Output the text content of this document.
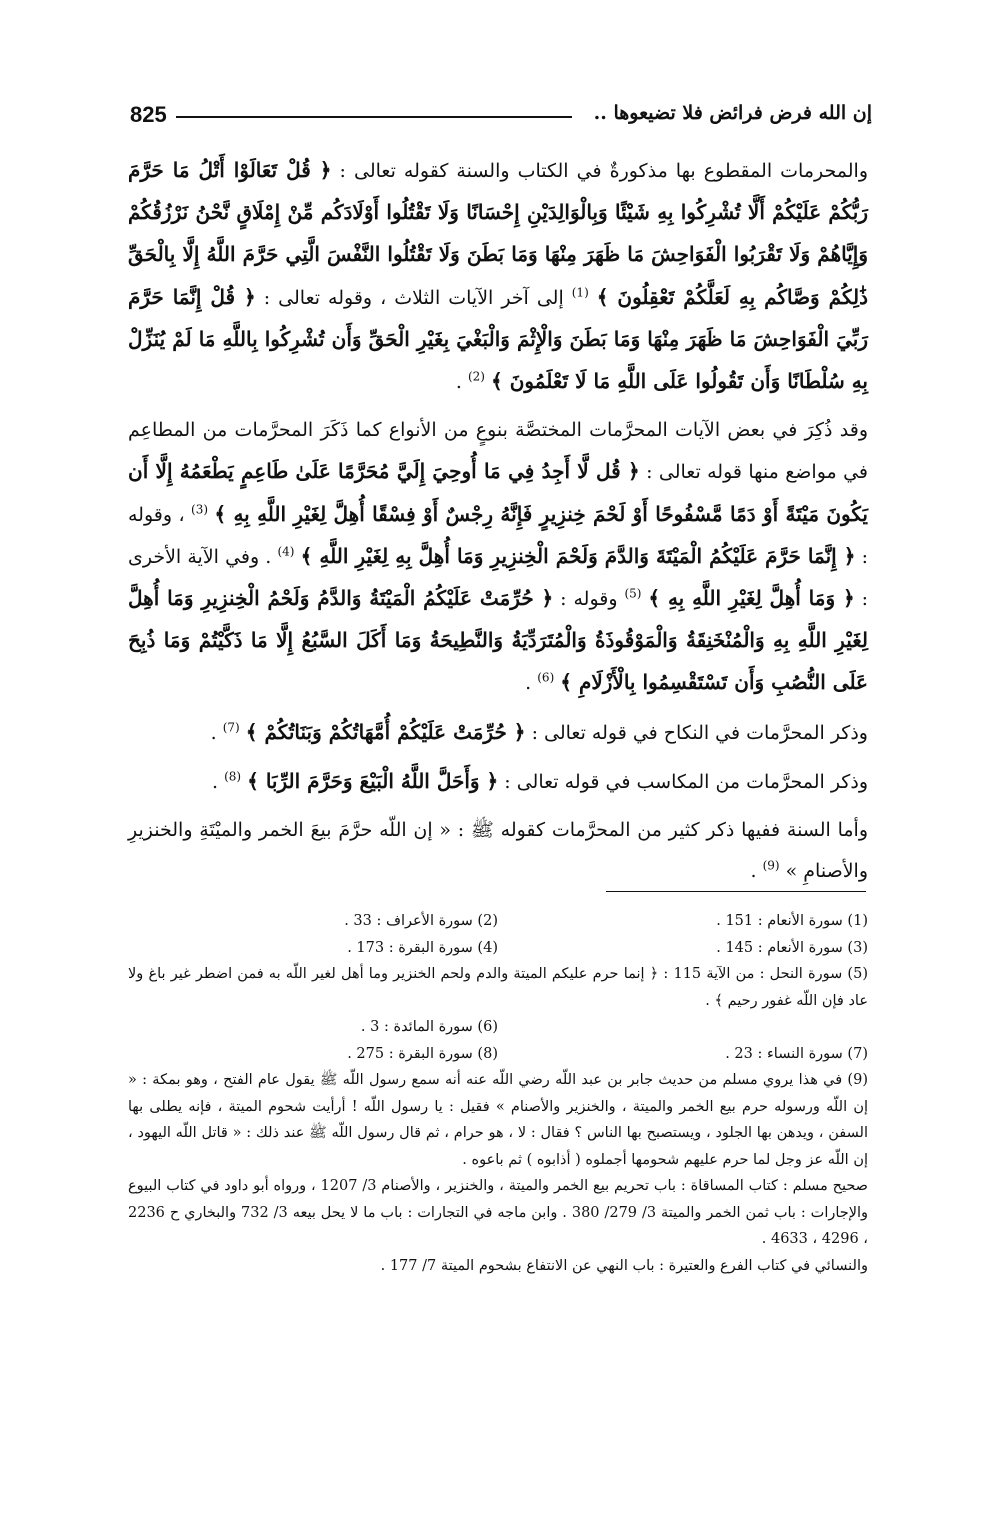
825	إن الله فرض فرائض فلا تضيعوها ..

والمحرمات المقطوع بها مذكورةٌ في الكتاب والسنة كقوله تعالى : ﴿ قُلْ تَعَالَوْا أَتْلُ مَا حَرَّمَ رَبُّكُمْ عَلَيْكُمْ أَلَّا تُشْرِكُوا بِهِ شَيْئًا وَبِالْوَالِدَيْنِ إِحْسَانًا وَلَا تَقْتُلُوا أَوْلَادَكُم مِّنْ إِمْلَاقٍ نَّحْنُ نَرْزُقُكُمْ وَإِيَّاهُمْ وَلَا تَقْرَبُوا الْفَوَاحِشَ مَا ظَهَرَ مِنْهَا وَمَا بَطَنَ وَلَا تَقْتُلُوا النَّفْسَ الَّتِي حَرَّمَ اللَّهُ إِلَّا بِالْحَقِّ ذَٰلِكُمْ وَصَّاكُم بِهِ لَعَلَّكُمْ تَعْقِلُونَ ﴾ $^{(1)}$ إلى آخر الآيات الثلاث ، وقوله تعالى : ﴿ قُلْ إِنَّمَا حَرَّمَ رَبِّيَ الْفَوَاحِشَ مَا ظَهَرَ مِنْهَا وَمَا بَطَنَ وَالْإِثْمَ وَالْبَغْيَ بِغَيْرِ الْحَقِّ وَأَن تُشْرِكُوا بِاللَّهِ مَا لَمْ يُنَزِّلْ بِهِ سُلْطَانًا وَأَن تَقُولُوا عَلَى اللَّهِ مَا لَا تَعْلَمُونَ ﴾ $^{(2)}$ .

وقد ذُكِرَ في بعض الآيات المحرَّمات المختصَّة بنوعٍ من الأنواع كما ذَكَرَ المحرَّمات من المطاعِم في مواضع منها قوله تعالى : ﴿ قُل لَّا أَجِدُ فِي مَا أُوحِيَ إِلَيَّ مُحَرَّمًا عَلَىٰ طَاعِمٍ يَطْعَمُهُ إِلَّا أَن يَكُونَ مَيْتَةً أَوْ دَمًا مَّسْفُوحًا أَوْ لَحْمَ خِنزِيرٍ فَإِنَّهُ رِجْسٌ أَوْ فِسْقًا أُهِلَّ لِغَيْرِ اللَّهِ بِهِ ﴾ $^{(3)}$ ، وقوله : ﴿ إِنَّمَا حَرَّمَ عَلَيْكُمُ الْمَيْتَةَ وَالدَّمَ وَلَحْمَ الْخِنزِيرِ وَمَا أُهِلَّ بِهِ لِغَيْرِ اللَّهِ ﴾ $^{(4)}$ . وفي الآية الأخرى : ﴿ وَمَا أُهِلَّ لِغَيْرِ اللَّهِ بِهِ ﴾ $^{(5)}$ وقوله : ﴿ حُرِّمَتْ عَلَيْكُمُ الْمَيْتَةُ وَالدَّمُ وَلَحْمُ الْخِنزِيرِ وَمَا أُهِلَّ لِغَيْرِ اللَّهِ بِهِ وَالْمُنْخَنِقَةُ وَالْمَوْقُوذَةُ وَالْمُتَرَدِّيَةُ وَالنَّطِيحَةُ وَمَا أَكَلَ السَّبُعُ إِلَّا مَا ذَكَّيْتُمْ وَمَا ذُبِحَ عَلَى النُّصُبِ وَأَن تَسْتَقْسِمُوا بِالْأَزْلَامِ ﴾ $^{(6)}$ .

وذكر المحرَّمات في النكاح في قوله تعالى : ﴿ حُرِّمَتْ عَلَيْكُمْ أُمَّهَاتُكُمْ وَبَنَاتُكُمْ ﴾ $^{(7)}$ .

وذكر المحرَّمات من المكاسب في قوله تعالى : ﴿ وَأَحَلَّ اللَّهُ الْبَيْعَ وَحَرَّمَ الرِّبَا ﴾ $^{(8)}$ .

وأما السنة ففيها ذكر كثير من المحرَّمات كقوله ﷺ : « إن اللّه حرَّمَ بيعَ الخمر والميْتَةِ والخنزيرِ والأصنامِ » $^{(9)}$ .

(1) سورة الأنعام : 151 .
(2) سورة الأعراف : 33 .
(3) سورة الأنعام : 145 .
(4) سورة البقرة : 173 .
(5) سورة النحل : من الآية 115 : ﴿ إنما حرم عليكم الميتة والدم ولحم الخنزير وما أهل لغير اللّه به فمن اضطر غير باغ ولا عاد فإن اللّه غفور رحيم ﴾ .
(6) سورة المائدة : 3 .
(7) سورة النساء : 23 .
(8) سورة البقرة : 275 .

(9) في هذا يروي مسلم من حديث جابر بن عبد اللّه رضي اللّه عنه أنه سمع رسول اللّه ﷺ يقول عام الفتح ، وهو بمكة : « إن اللّه ورسوله حرم بيع الخمر والميتة ، والخنزير والأصنام » فقيل : يا رسول اللّه ! أرأيت شحوم الميتة ، فإنه يطلى بها السفن ، ويدهن بها الجلود ، ويستصبح بها الناس ؟ فقال : لا ، هو حرام ، ثم قال رسول اللّه ﷺ عند ذلك : « قاتل اللّه اليهود ، إن اللّه عز وجل لما حرم عليهم شحومها أجملوه ( أذابوه ) ثم باعوه .

صحيح مسلم : كتاب المساقاة : باب تحريم بيع الخمر والميتة ، والخنزير ، والأصنام 3/ 1207 ، ورواه أبو داود في كتاب البيوع والإجارات : باب ثمن الخمر والميتة 3/ 279/ 380 . وابن ماجه في التجارات : باب ما لا يحل بيعه 3/ 732 والبخاري ح 2236 ، 4296 ، 4633 .

والنسائي في كتاب الفرع والعتيرة : باب النهي عن الانتفاع بشحوم الميتة 7/ 177 .
